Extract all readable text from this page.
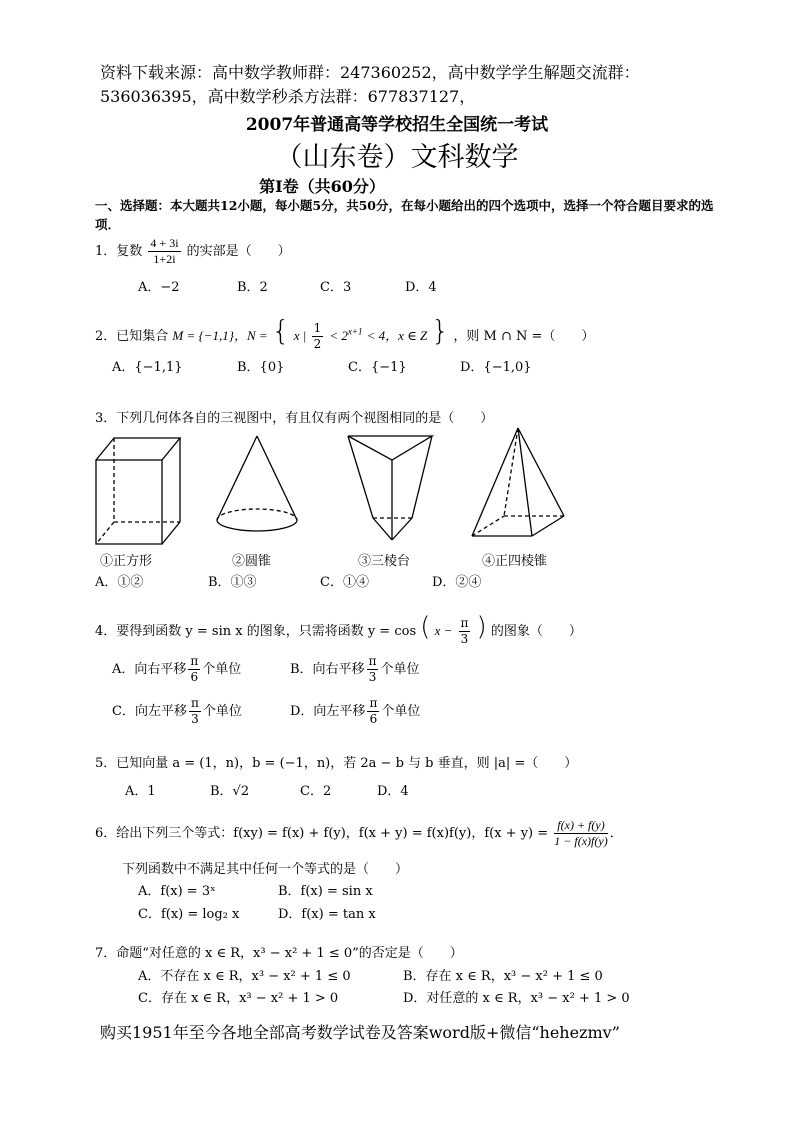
资料下载来源：高中数学教师群：247360252，高中数学学生解题交流群：
536036395，高中数学秒杀方法群：677837127，
2007年普通高等学校招生全国统一考试
（山东卷）文科数学
第Ⅰ卷（共60分）
一、选择题：本大题共12小题，每小题5分，共50分，在每小题给出的四个选项中，选择一个符合题目要求的选项．
1．复数 $\frac{4 + 3i}{1+2i}$ 的实部是（　　）
A．−2	B．2	C．3	D．4
2．已知集合 M = {−1,1}，N = { x | $\frac{1}{2} < 2^{x+1} < 4$，x ∈ Z } ，则 M ∩ N =（　　）
A．{−1,1}	B．{0}	C．{−1}	D．{−1,0}
3．下列几何体各自的三视图中，有且仅有两个视图相同的是（　　）
①正方形	②圆锥	③三棱台	④正四棱锥
A．①②	B．①③	C．①④	D．②④
4．要得到函数 y = sin x 的图象，只需将函数 y = cos ( $x - \frac{\pi}{3}$ ) 的图象（　　）
A．向右平移 $\frac{\pi}{6}$ 个单位	B．向右平移 $\frac{\pi}{3}$ 个单位
C．向左平移 $\frac{\pi}{3}$ 个单位	D．向左平移 $\frac{\pi}{6}$ 个单位
5．已知向量 a = (1，n)，b = (−1，n)，若 2a − b 与 b 垂直，则 |a| =（　　）
A．1	B．√2	C．2	D．4
6．给出下列三个等式：f(xy) = f(x) + f(y)，f(x + y) = f(x)f(y)，$f(x + y) = \frac{f(x) + f(y)}{1 - f(x)f(y)}$ ．
下列函数中不满足其中任何一个等式的是（　　）
A．f(x) = 3ˣ	B．f(x) = sin x
C．f(x) = log₂ x	D．f(x) = tan x
7．命题“对任意的 x ∈ R，x³ − x² + 1 ≤ 0”的否定是（　　）
A．不存在 x ∈ R，x³ − x² + 1 ≤ 0	B．存在 x ∈ R，x³ − x² + 1 ≤ 0
C．存在 x ∈ R，x³ − x² + 1 > 0	D．对任意的 x ∈ R，x³ − x² + 1 > 0
购买1951年至今各地全部高考数学试卷及答案word版+微信“hehezmv”
